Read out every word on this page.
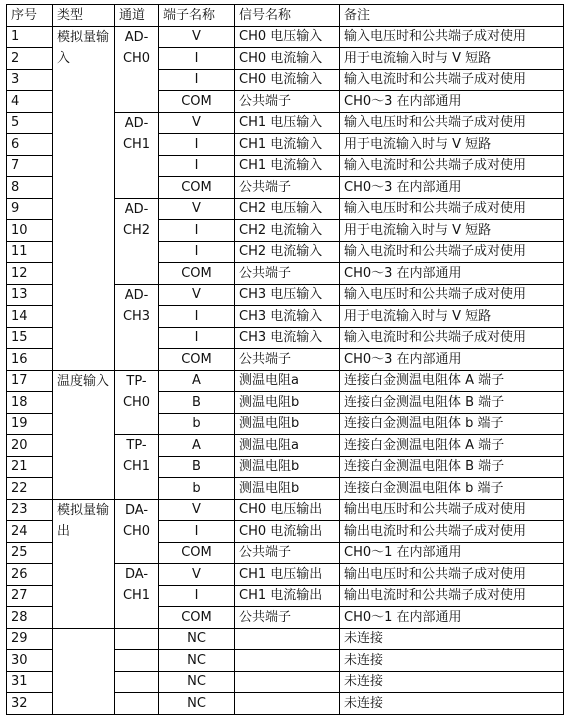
序号	类型	通道	端子名称	信号名称	备注
1	模拟量输入	AD-CH0	V	CH0 电压输入	输入电压时和公共端子成对使用
2			I	CH0 电流输入	用于电流输入时与 V 短路
3			I	CH0 电流输入	输入电流时和公共端子成对使用
4			COM	公共端子	CH0～3 在内部通用
5		AD-CH1	V	CH1 电压输入	输入电压时和公共端子成对使用
6			I	CH1 电流输入	用于电流输入时与 V 短路
7			I	CH1 电流输入	输入电流时和公共端子成对使用
8			COM	公共端子	CH0～3 在内部通用
9		AD-CH2	V	CH2 电压输入	输入电压时和公共端子成对使用
10			I	CH2 电流输入	用于电流输入时与 V 短路
11			I	CH2 电流输入	输入电流时和公共端子成对使用
12			COM	公共端子	CH0～3 在内部通用
13		AD-CH3	V	CH3 电压输入	输入电压时和公共端子成对使用
14			I	CH3 电流输入	用于电流输入时与 V 短路
15			I	CH3 电流输入	输入电流时和公共端子成对使用
16			COM	公共端子	CH0～3 在内部通用
17	温度输入	TP-CH0	A	测温电阻a	连接白金测温电阻体 A 端子
18			B	测温电阻b	连接白金测温电阻体 B 端子
19			b	测温电阻b	连接白金测温电阻体 b 端子
20		TP-CH1	A	测温电阻a	连接白金测温电阻体 A 端子
21			B	测温电阻b	连接白金测温电阻体 B 端子
22			b	测温电阻b	连接白金测温电阻体 b 端子
23	模拟量输出	DA-CH0	V	CH0 电压输出	输出电压时和公共端子成对使用
24			I	CH0 电流输出	输出电流时和公共端子成对使用
25			COM	公共端子	CH0～1 在内部通用
26		DA-CH1	V	CH1 电压输出	输出电压时和公共端子成对使用
27			I	CH1 电流输出	输出电流时和公共端子成对使用
28			COM	公共端子	CH0～1 在内部通用
29			NC		未连接
30			NC		未连接
31			NC		未连接
32			NC		未连接
